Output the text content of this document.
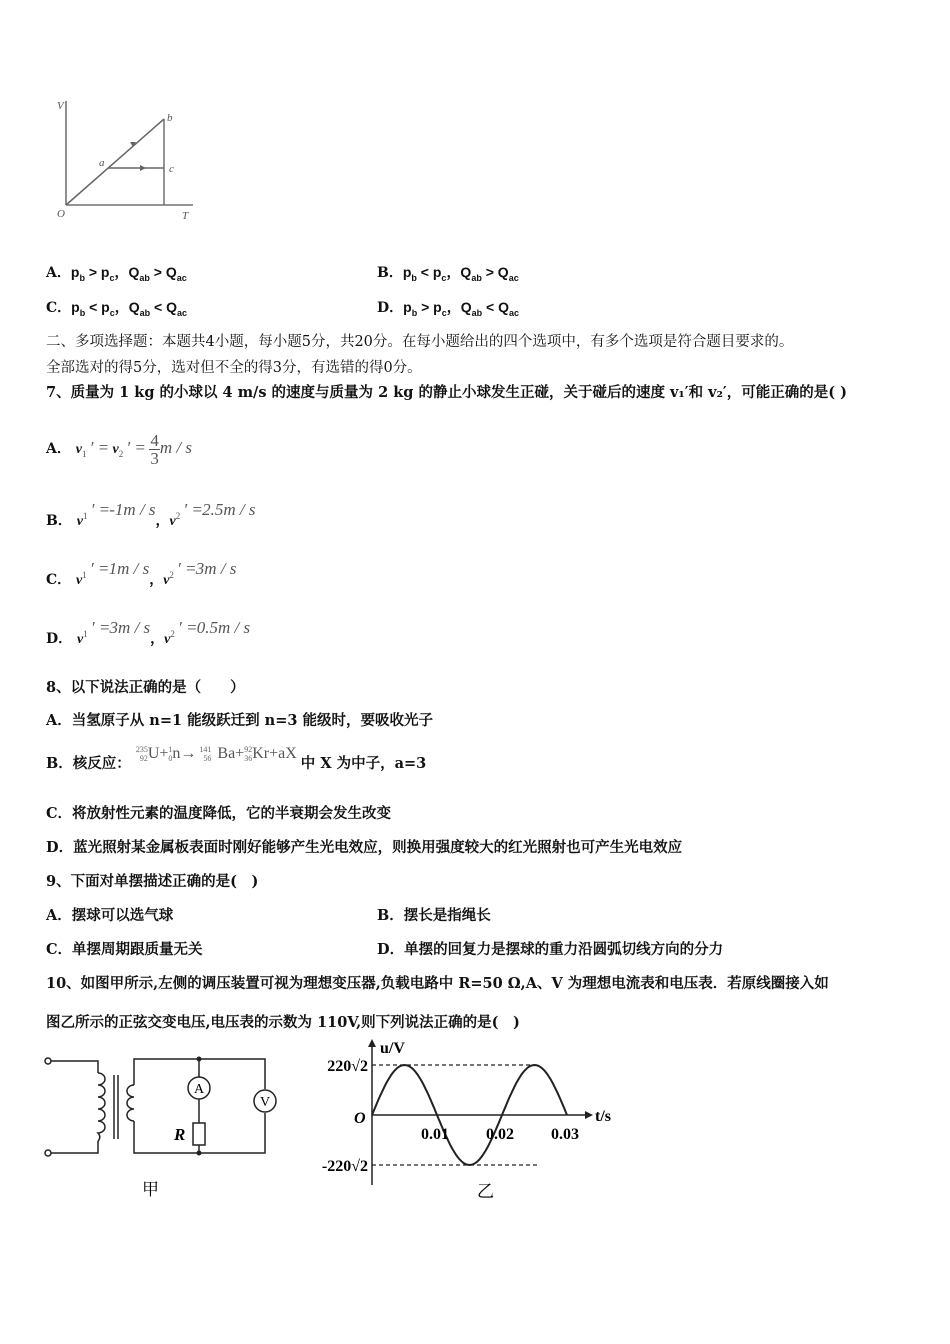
V
T
O
a
b
c
A．$p_b > p_c$，$Q_{ab} > Q_{ac}$	B．$p_b < p_c$，$Q_{ab} > Q_{ac}$
C．$p_b < p_c$，$Q_{ab} < Q_{ac}$	D．$p_b > p_c$，$Q_{ab} < Q_{ac}$
二、多项选择题：本题共4小题，每小题5分，共20分。在每小题给出的四个选项中，有多个选项是符合题目要求的。
全部选对的得5分，选对但不全的得3分，有选错的得0分。
7、质量为 1 kg 的小球以 4 m/s 的速度与质量为 2 kg 的静止小球发生正碰，关于碰后的速度 v₁′和 v₂′，可能正确的是( )
A． $v_1$ ′ = $v_2$ ′ = $\frac{4}{3}$ m / s
B． $v_1$ ′ =-1m / s，$v_2$ ′ =2.5m / s
C． $v_1$ ′ =1m / s，$v_2$ ′ =3m / s
D． $v_1$ ′ =3m / s，$v_2$ ′ =0.5m / s
8、以下说法正确的是（　　）
A．当氢原子从 n=1 能级跃迁到 n=3 能级时，要吸收光子
B．核反应：
235
92 U+ 1
0 n→ 141
56 Ba+ 92
36 Kr+aX 中 X 为中子，a=3
C．将放射性元素的温度降低，它的半衰期会发生改变
D．蓝光照射某金属板表面时刚好能够产生光电效应，则换用强度较大的红光照射也可产生光电效应
9、下面对单摆描述正确的是(　)
A．摆球可以选气球	B．摆长是指绳长
C．单摆周期跟质量无关	D．单摆的回复力是摆球的重力沿圆弧切线方向的分力
10、如图甲所示,左侧的调压装置可视为理想变压器,负载电路中 R=50 Ω,A、V 为理想电流表和电压表．若原线圈接入如
图乙所示的正弦交变电压,电压表的示数为 110V,则下列说法正确的是(　)
A
V
R
甲
u/V
t/s
O
220√2
-220√2
0.01 0.02 0.03
乙
